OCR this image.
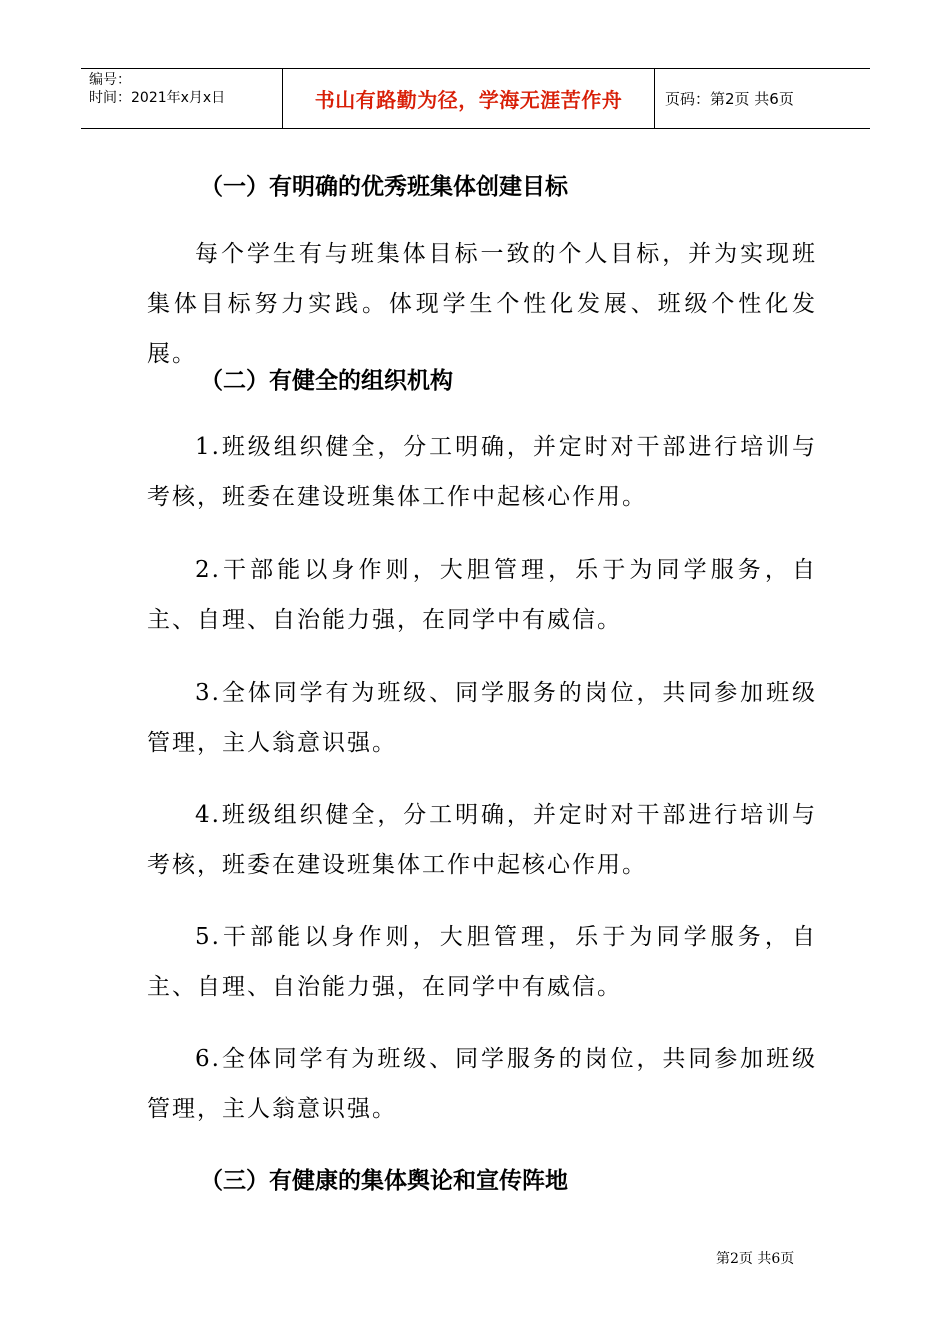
编号：
时间：2021年x月x日	书山有路勤为径，学海无涯苦作舟	页码：第2页 共6页
（一）有明确的优秀班集体创建目标
每个学生有与班集体目标一致的个人目标，并为实现班集体目标努力实践。体现学生个性化发展、班级个性化发展。
（二）有健全的组织机构
1.班级组织健全，分工明确，并定时对干部进行培训与考核，班委在建设班集体工作中起核心作用。
2.干部能以身作则，大胆管理，乐于为同学服务，自主、自理、自治能力强，在同学中有威信。
3.全体同学有为班级、同学服务的岗位，共同参加班级管理，主人翁意识强。
4.班级组织健全，分工明确，并定时对干部进行培训与考核，班委在建设班集体工作中起核心作用。
5.干部能以身作则，大胆管理，乐于为同学服务，自主、自理、自治能力强，在同学中有威信。
6.全体同学有为班级、同学服务的岗位，共同参加班级管理，主人翁意识强。
（三）有健康的集体舆论和宣传阵地
第2页 共6页
